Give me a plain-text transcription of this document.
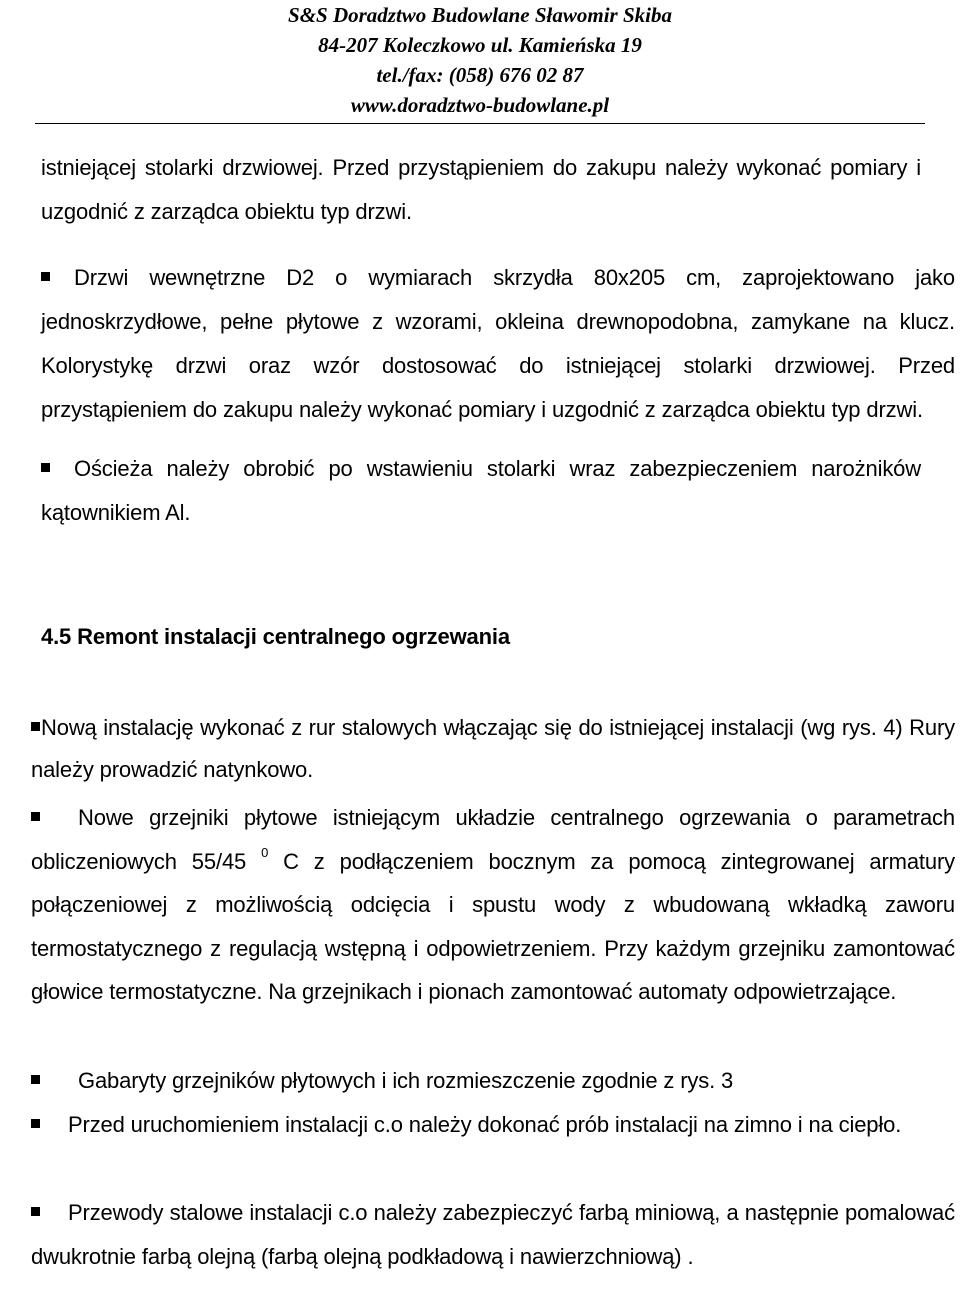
S&S Doradztwo Budowlane Sławomir Skiba
84-207 Koleczkowo ul. Kamieńska 19
tel./fax: (058) 676 02 87
www.doradztwo-budowlane.pl

istniejącej stolarki drzwiowej. Przed przystąpieniem do zakupu należy wykonać pomiary i uzgodnić z zarządca obiektu typ drzwi.

Drzwi wewnętrzne D2 o wymiarach skrzydła 80x205 cm, zaprojektowano jako jednoskrzydłowe, pełne płytowe z wzorami, okleina drewnopodobna, zamykane na klucz. Kolorystykę drzwi oraz wzór dostosować do istniejącej stolarki drzwiowej. Przed przystąpieniem do zakupu należy wykonać pomiary i uzgodnić z zarządca obiektu typ drzwi.
Ościeża należy obrobić po wstawieniu stolarki wraz zabezpieczeniem narożników kątownikiem Al.
4.5 Remont instalacji centralnego ogrzewania
Nową instalację wykonać z rur stalowych włączając się do istniejącej instalacji (wg rys. 4) Rury należy prowadzić natynkowo.
Nowe grzejniki płytowe istniejącym układzie centralnego ogrzewania o parametrach obliczeniowych 55/45 $^0$ C z podłączeniem bocznym za pomocą zintegrowanej armatury połączeniowej z możliwością odcięcia i spustu wody z wbudowaną wkładką zaworu termostatycznego z regulacją wstępną i odpowietrzeniem. Przy każdym grzejniku zamontować głowice termostatyczne. Na grzejnikach i pionach zamontować automaty odpowietrzające.
Gabaryty grzejników płytowych i ich rozmieszczenie zgodnie z rys. 3
Przed uruchomieniem instalacji c.o należy dokonać prób instalacji na zimno i na ciepło.
Przewody stalowe instalacji c.o należy zabezpieczyć farbą miniową, a następnie pomalować dwukrotnie farbą olejną (farbą olejną podkładową i nawierzchniową) .
